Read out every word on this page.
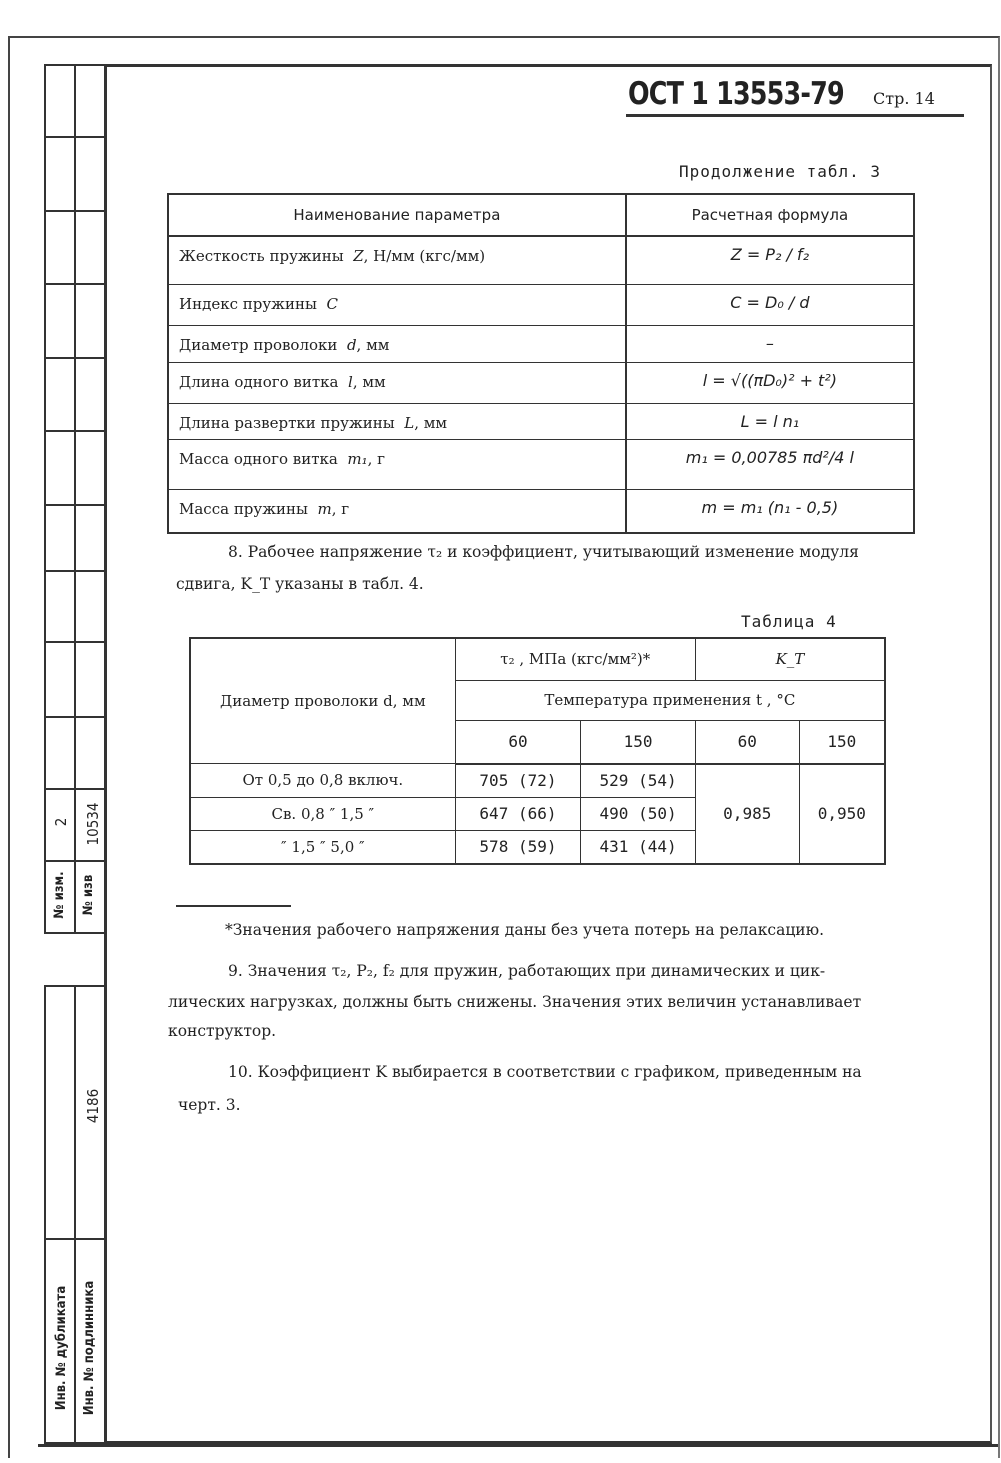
2 10534
№ изм. № изв
4186
Инв. № дубликата	Инв. № подлинника
ОСТ 1 13553-79 Стр. 14
Продолжение табл. 3
Наименование параметра	Расчетная формула
Жесткость пружины Z, Н/мм (кгс/мм)	Z = P₂ / f₂
Индекс пружины C	C = D₀ / d
Диаметр проволоки d, мм	–
Длина одного витка l, мм	l = √((πD₀)² + t²)
Длина развертки пружины L, мм	L = l n₁
Масса одного витка m₁, г	m₁ = 0,00785 πd²/4 l
Масса пружины m, г	m = m₁ (n₁ - 0,5)
8. Рабочее напряжение τ₂ и коэффициент, учитывающий изменение модуля
сдвига, K_T указаны в табл. 4.
Таблица 4
Диаметр проволоки d, мм	τ₂ , МПа (кгс/мм²)*		K_T	
	Температура применения t , °С			
	60	150	60	150
От 0,5 до 0,8 включ.	705 (72)	529 (54)	0,985	0,950
Св. 0,8 ″ 1,5 ″	647 (66)	490 (50)		
″ 1,5 ″ 5,0 ″	578 (59)	431 (44)		
*Значения рабочего напряжения даны без учета потерь на релаксацию.
9. Значения τ₂, P₂, f₂ для пружин, работающих при динамических и цик-
лических нагрузках, должны быть снижены. Значения этих величин устанавливает
конструктор.
10. Коэффициент K выбирается в соответствии с графиком, приведенным на
черт. 3.
